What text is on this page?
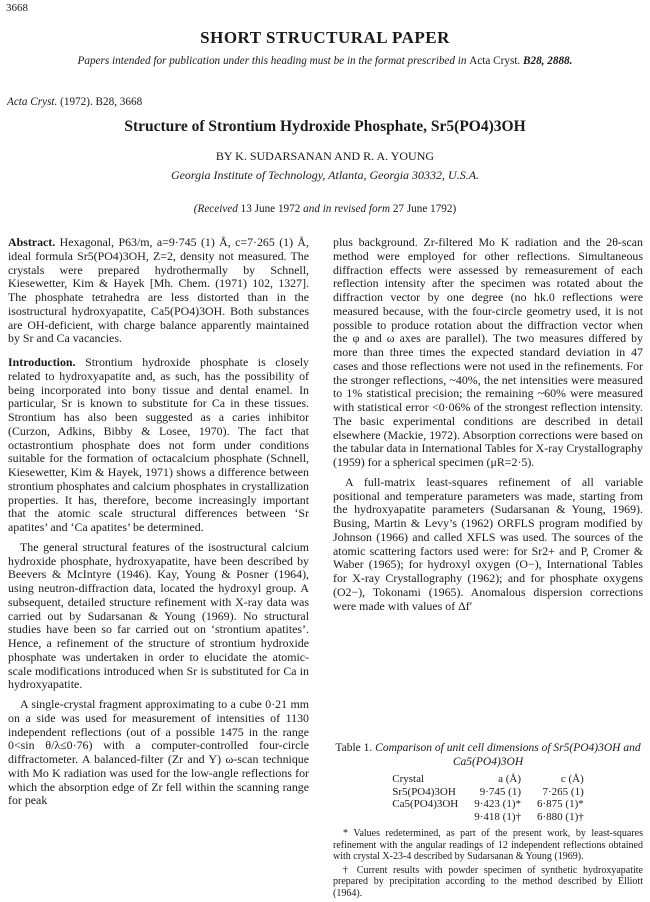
3668
SHORT STRUCTURAL PAPER
Papers intended for publication under this heading must be in the format prescribed in Acta Cryst. B28, 2888.
Acta Cryst. (1972). B28, 3668
Structure of Strontium Hydroxide Phosphate, Sr5(PO4)3OH
BY K. SUDARSANAN AND R. A. YOUNG
Georgia Institute of Technology, Atlanta, Georgia 30332, U.S.A.
(Received 13 June 1972 and in revised form 27 June 1792)

Abstract. Hexagonal, P63/m, a=9·745 (1) Å, c=7·265 (1) Å, ideal formula Sr5(PO4)3OH, Z=2, density not measured. The crystals were prepared hydrothermally by Schnell, Kiesewetter, Kim & Hayek [Mh. Chem. (1971) 102, 1327]. The phosphate tetrahedra are less distorted than in the isostructural hydroxyapatite, Ca5(PO4)3OH. Both substances are OH-deficient, with charge balance apparently maintained by Sr and Ca vacancies.

Introduction. Strontium hydroxide phosphate is closely related to hydroxyapatite and, as such, has the possibility of being incorporated into bony tissue and dental enamel. In particular, Sr is known to substitute for Ca in these tissues. Strontium has also been suggested as a caries inhibitor (Curzon, Adkins, Bibby & Losee, 1970). The fact that octastrontium phosphate does not form under conditions suitable for the formation of octacalcium phosphate (Schnell, Kiesewetter, Kim & Hayek, 1971) shows a difference between strontium phosphates and calcium phosphates in crystallization properties. It has, therefore, become increasingly important that the atomic scale structural differences between ‘Sr apatites’ and ‘Ca apatites’ be determined.

The general structural features of the isostructural calcium hydroxide phosphate, hydroxyapatite, have been described by Beevers & McIntyre (1946). Kay, Young & Posner (1964), using neutron-diffraction data, located the hydroxyl group. A subsequent, detailed structure refinement with X-ray data was carried out by Sudarsanan & Young (1969). No structural studies have been so far carried out on ‘strontium apatites’. Hence, a refinement of the structure of strontium hydroxide phosphate was undertaken in order to elucidate the atomic-scale modifications introduced when Sr is substituted for Ca in hydroxyapatite.

A single-crystal fragment approximating to a cube 0·21 mm on a side was used for measurement of intensities of 1130 independent reflections (out of a possible 1475 in the range 0<sin θ/λ≤0·76) with a computer-controlled four-circle diffractometer. A balanced-filter (Zr and Y) ω-scan technique with Mo K radiation was used for the low-angle reflections for which the absorption edge of Zr fell within the scanning range for peak

plus background. Zr-filtered Mo K radiation and the 2θ-scan method were employed for other reflections. Simultaneous diffraction effects were assessed by remeasurement of each reflection intensity after the specimen was rotated about the diffraction vector by one degree (no hk.0 reflections were measured because, with the four-circle geometry used, it is not possible to produce rotation about the diffraction vector when the φ and ω axes are parallel). The two measures differed by more than three times the expected standard deviation in 47 cases and those reflections were not used in the refinements. For the stronger reflections, ~40%, the net intensities were measured to 1% statistical precision; the remaining ~60% were measured with statistical error <0·06% of the strongest reflection intensity. The basic experimental conditions are described in detail elsewhere (Mackie, 1972). Absorption corrections were based on the tabular data in International Tables for X-ray Crystallography (1959) for a spherical specimen (μR=2·5).

A full-matrix least-squares refinement of all variable positional and temperature parameters was made, starting from the hydroxyapatite parameters (Sudarsanan & Young, 1969). Busing, Martin & Levy’s (1962) ORFLS program modified by Johnson (1966) and called XFLS was used. The sources of the atomic scattering factors used were: for Sr2+ and P, Cromer & Waber (1965); for hydroxyl oxygen (O−), International Tables for X-ray Crystallography (1962); and for phosphate oxygens (O2−), Tokonami (1965). Anomalous dispersion corrections were made with values of Δf′

Table 1. Comparison of unit cell dimensions of Sr5(PO4)3OH and Ca5(PO4)3OH
Crystal	a (Å)	c (Å)
Sr5(PO4)3OH	9·745 (1)	7·265 (1)
Ca5(PO4)3OH	9·423 (1)*	6·875 (1)*
	9·418 (1)†	6·880 (1)†

* Values redetermined, as part of the present work, by least-squares refinement with the angular readings of 12 independent reflections obtained with crystal X-23-4 described by Sudarsanan & Young (1969).

† Current results with powder specimen of synthetic hydroxyapatite prepared by precipitation according to the method described by Elliott (1964).
